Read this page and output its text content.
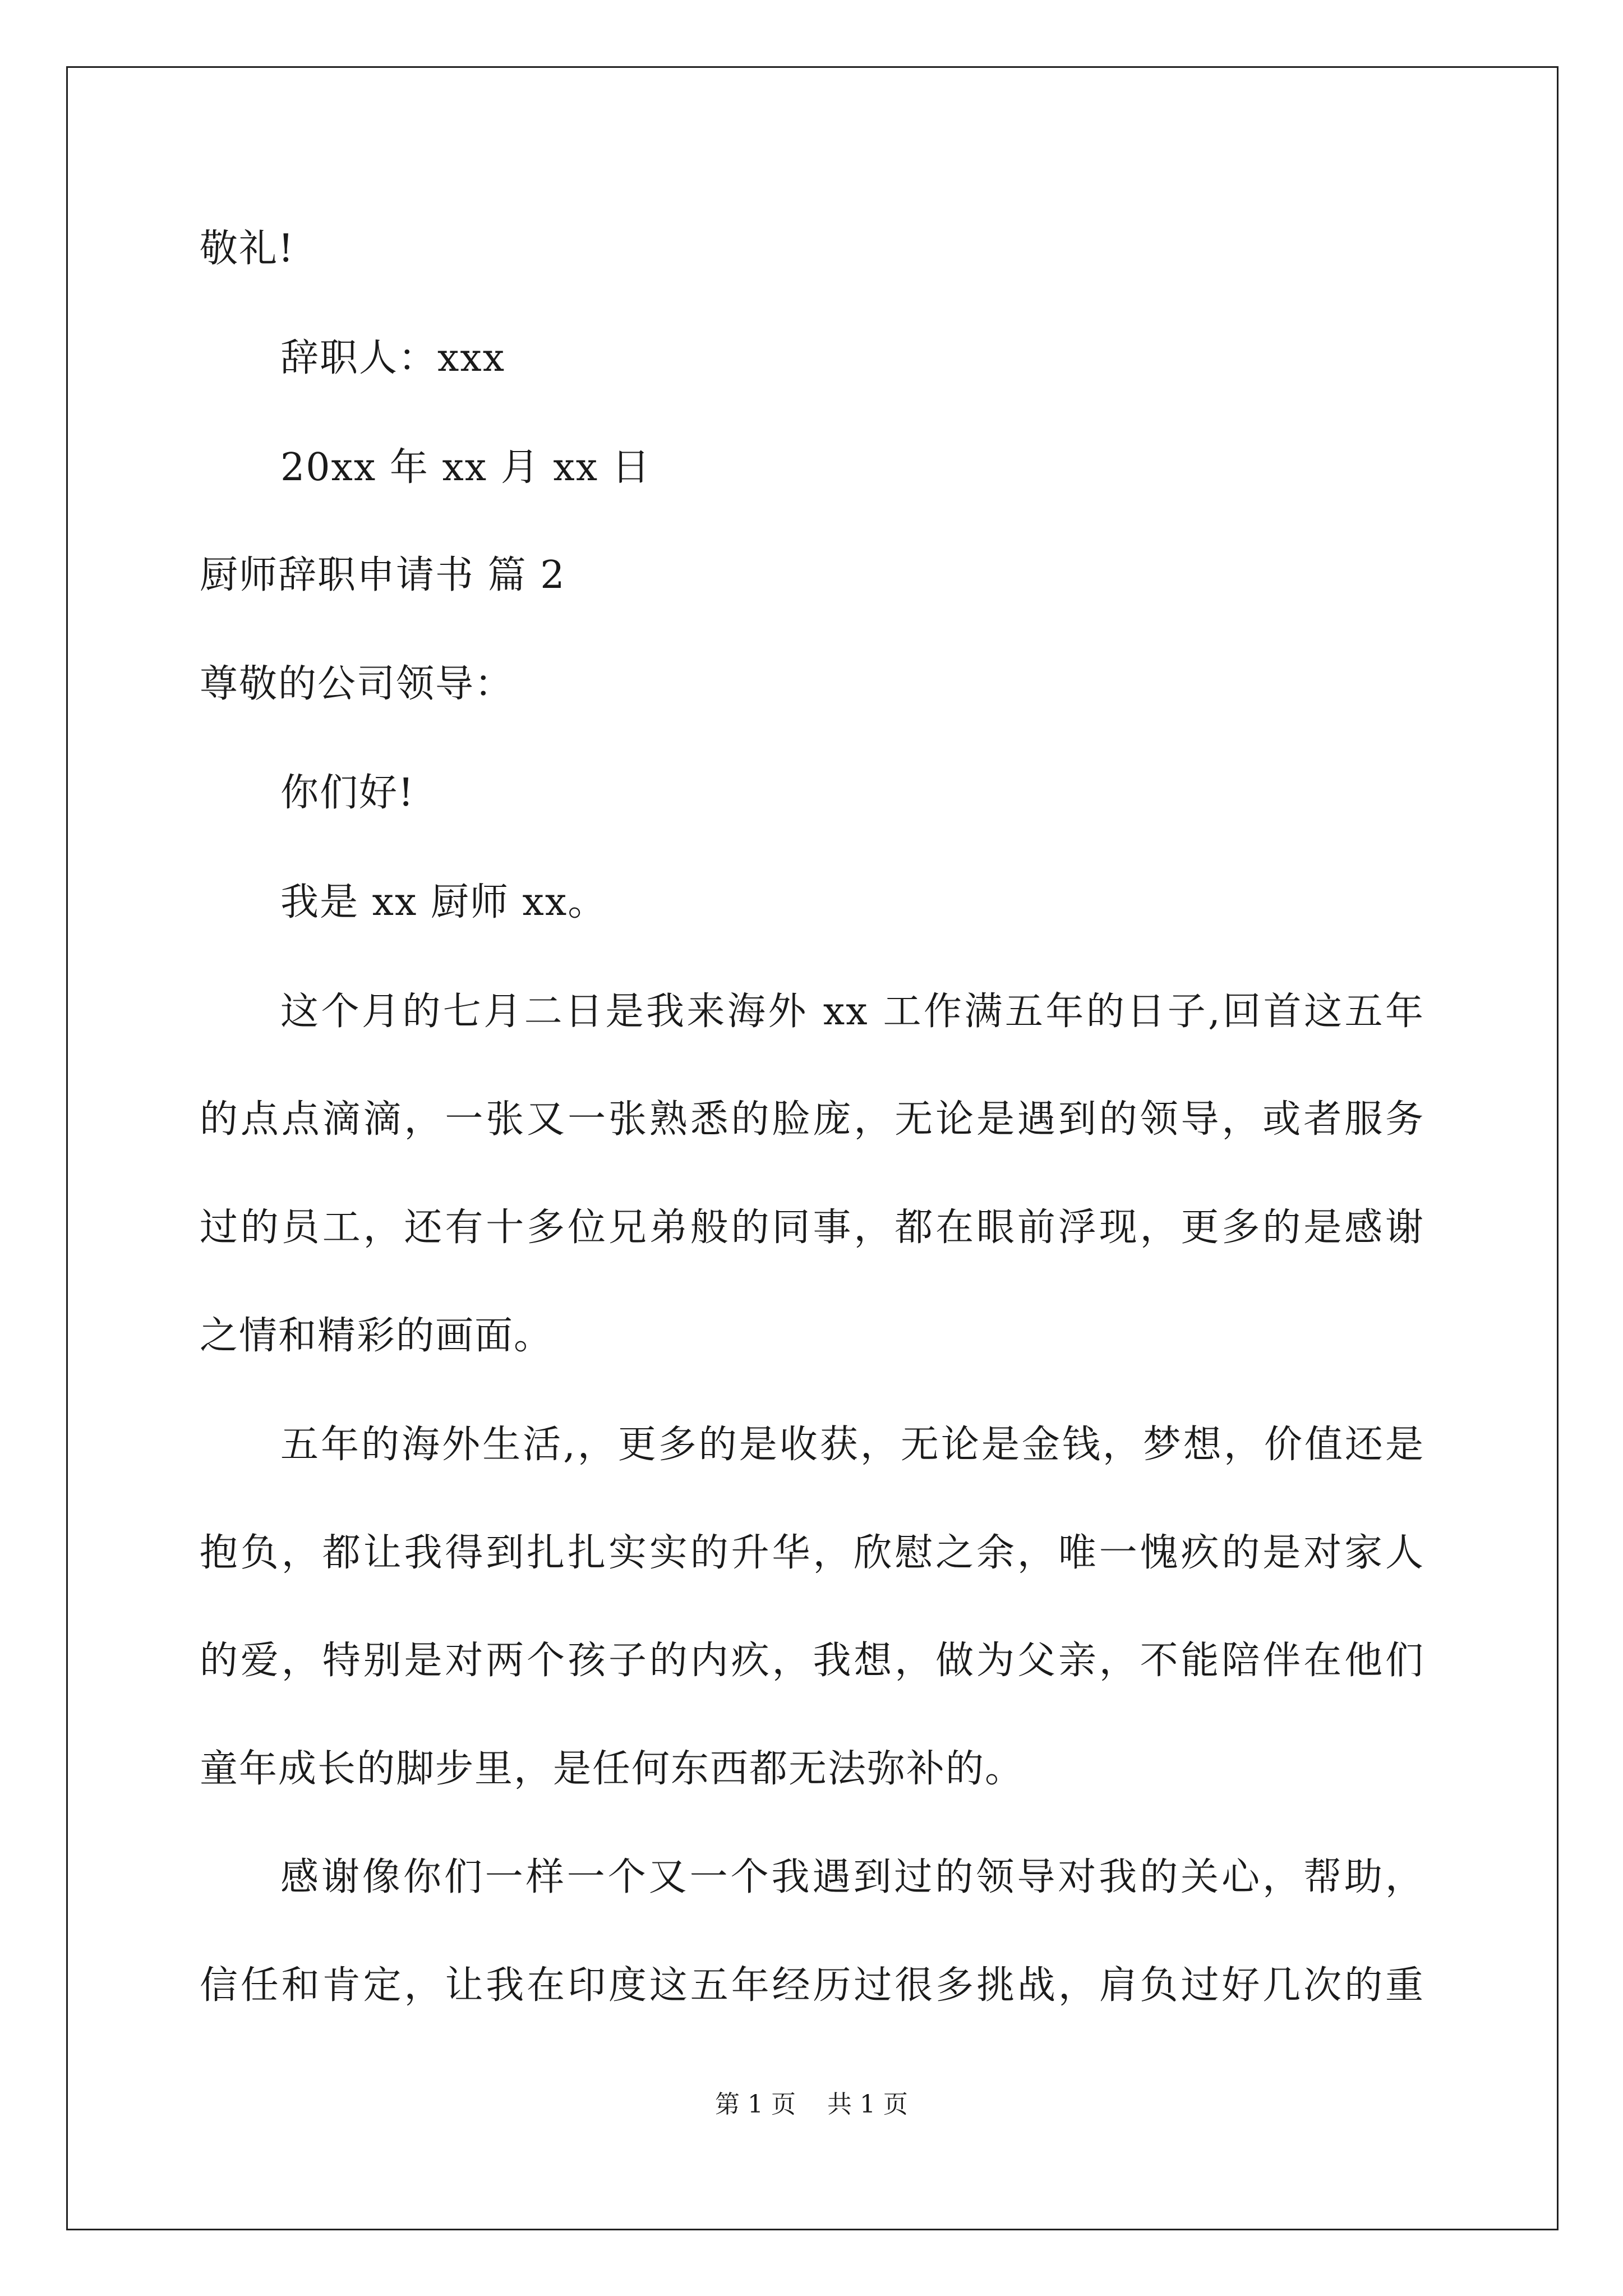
敬礼!
辞职人：xxx
20xx 年 xx 月 xx 日
厨师辞职申请书 篇 2
尊敬的公司领导：
你们好!
我是 xx 厨师 xx。
这个月的七月二日是我来海外 xx 工作满五年的日子,回首这五年
的点点滴滴，一张又一张熟悉的脸庞，无论是遇到的领导，或者服务
过的员工，还有十多位兄弟般的同事，都在眼前浮现，更多的是感谢
之情和精彩的画面。
五年的海外生活,，更多的是收获，无论是金钱，梦想，价值还是
抱负，都让我得到扎扎实实的升华，欣慰之余，唯一愧疚的是对家人
的爱，特别是对两个孩子的内疚，我想，做为父亲，不能陪伴在他们
童年成长的脚步里，是任何东西都无法弥补的。
感谢像你们一样一个又一个我遇到过的领导对我的关心，帮助，
信任和肯定，让我在印度这五年经历过很多挑战，肩负过好几次的重
第 1 页    共 1 页
